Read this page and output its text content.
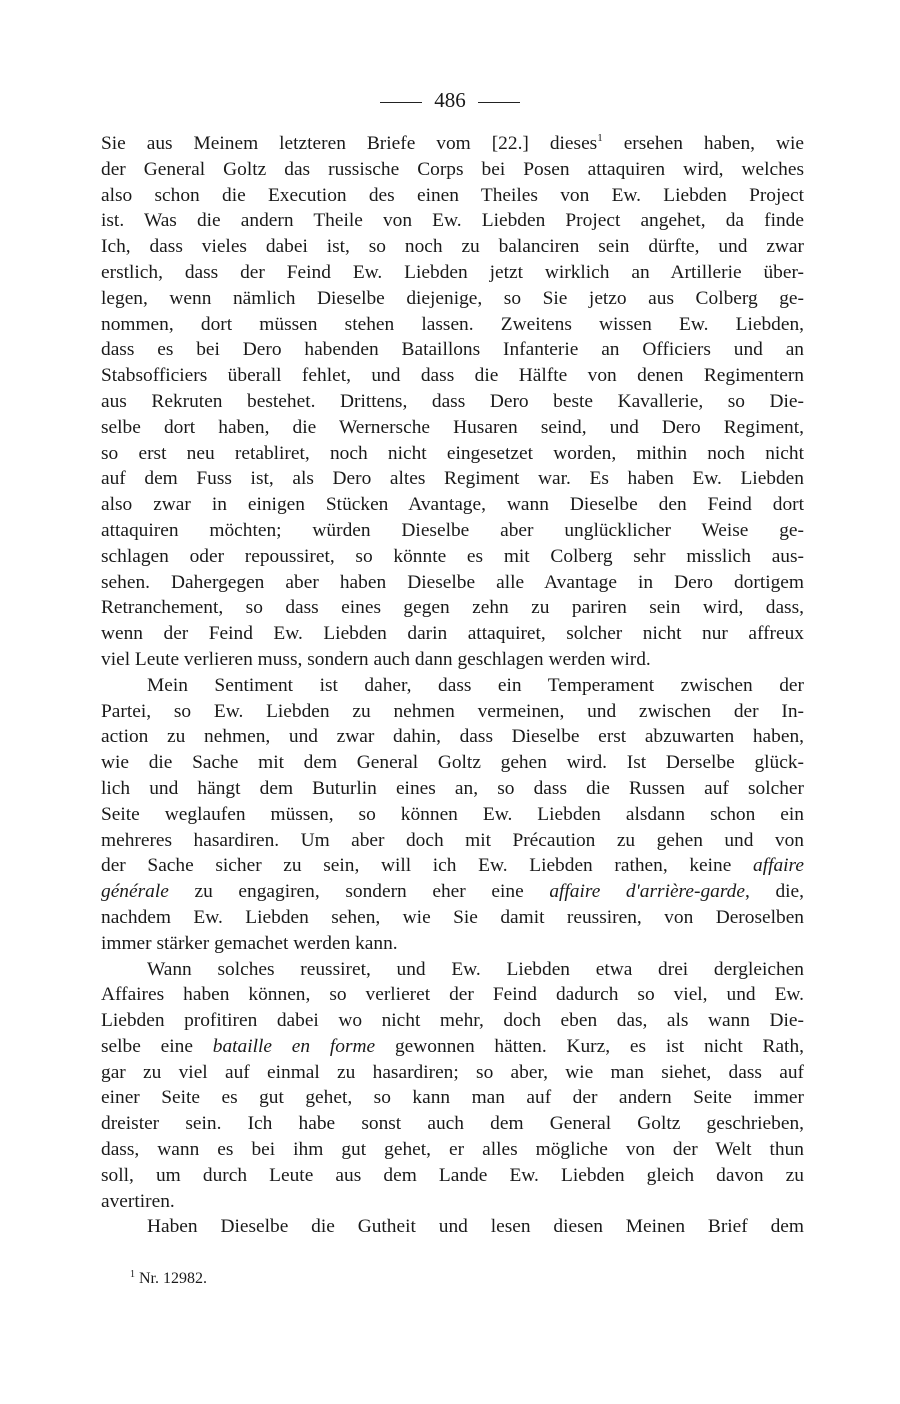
486
Sie aus Meinem letzteren Briefe vom [22.] dieses$^1$ ersehen haben, wie
der General Goltz das russische Corps bei Posen attaquiren wird, welches
also schon die Execution des einen Theiles von Ew. Liebden Project
ist. Was die andern Theile von Ew. Liebden Project angehet, da finde
Ich, dass vieles dabei ist, so noch zu balanciren sein dürfte, und zwar
erstlich, dass der Feind Ew. Liebden jetzt wirklich an Artillerie über-
legen, wenn nämlich Dieselbe diejenige, so Sie jetzo aus Colberg ge-
nommen, dort müssen stehen lassen. Zweitens wissen Ew. Liebden,
dass es bei Dero habenden Bataillons Infanterie an Officiers und an
Stabsofficiers überall fehlet, und dass die Hälfte von denen Regimentern
aus Rekruten bestehet. Drittens, dass Dero beste Kavallerie, so Die-
selbe dort haben, die Wernersche Husaren seind, und Dero Regiment,
so erst neu retabliret, noch nicht eingesetzet worden, mithin noch nicht
auf dem Fuss ist, als Dero altes Regiment war. Es haben Ew. Liebden
also zwar in einigen Stücken Avantage, wann Dieselbe den Feind dort
attaquiren möchten; würden Dieselbe aber unglücklicher Weise ge-
schlagen oder repoussiret, so könnte es mit Colberg sehr misslich aus-
sehen. Dahergegen aber haben Dieselbe alle Avantage in Dero dortigem
Retranchement, so dass eines gegen zehn zu pariren sein wird, dass,
wenn der Feind Ew. Liebden darin attaquiret, solcher nicht nur affreux
viel Leute verlieren muss, sondern auch dann geschlagen werden wird.
Mein Sentiment ist daher, dass ein Temperament zwischen der
Partei, so Ew. Liebden zu nehmen vermeinen, und zwischen der In-
action zu nehmen, und zwar dahin, dass Dieselbe erst abzuwarten haben,
wie die Sache mit dem General Goltz gehen wird. Ist Derselbe glück-
lich und hängt dem Buturlin eines an, so dass die Russen auf solcher
Seite weglaufen müssen, so können Ew. Liebden alsdann schon ein
mehreres hasardiren. Um aber doch mit Précaution zu gehen und von
der Sache sicher zu sein, will ich Ew. Liebden rathen, keine affaire
générale zu engagiren, sondern eher eine affaire d'arrière-garde, die,
nachdem Ew. Liebden sehen, wie Sie damit reussiren, von Deroselben
immer stärker gemachet werden kann.
Wann solches reussiret, und Ew. Liebden etwa drei dergleichen
Affaires haben können, so verlieret der Feind dadurch so viel, und Ew.
Liebden profitiren dabei wo nicht mehr, doch eben das, als wann Die-
selbe eine bataille en forme gewonnen hätten. Kurz, es ist nicht Rath,
gar zu viel auf einmal zu hasardiren; so aber, wie man siehet, dass auf
einer Seite es gut gehet, so kann man auf der andern Seite immer
dreister sein. Ich habe sonst auch dem General Goltz geschrieben,
dass, wann es bei ihm gut gehet, er alles mögliche von der Welt thun
soll, um durch Leute aus dem Lande Ew. Liebden gleich davon zu
avertiren.
Haben Dieselbe die Gutheit und lesen diesen Meinen Brief dem
$^1$ Nr. 12982.
